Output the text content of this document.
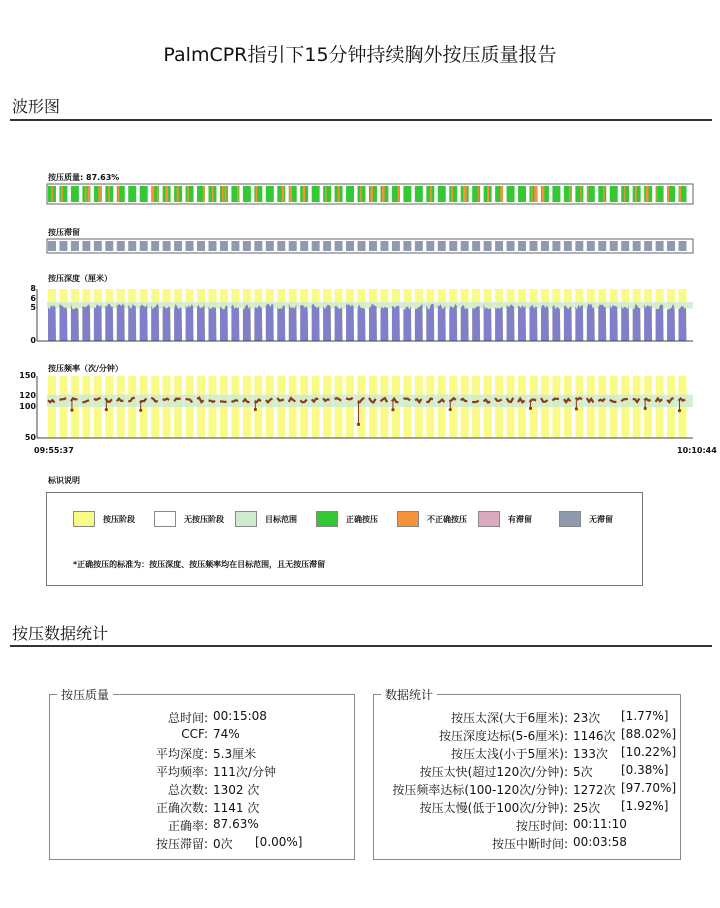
PalmCPR指引下15分钟持续胸外按压质量报告
波形图
按压质量: 87.63%
按压滞留
按压深度（厘米）
按压频率（次/分钟）
8
6
5
0
150
120
100
50
09:55:37	10:10:44
标识说明
按压阶段	无按压阶段	目标范围	正确按压	不正确按压	有滞留	无滞留
*正确按压的标准为：按压深度、按压频率均在目标范围，且无按压滞留
按压数据统计
按压质量
总时间: 00:15:08
CCF: 74%
平均深度: 5.3厘米
平均频率: 111次/分钟
总次数: 1302 次
正确次数: 1141 次
正确率: 87.63%
按压滞留: 0次 [0.00%]
数据统计
按压太深(大于6厘米): 23次 [1.77%]
按压深度达标(5-6厘米): 1146次 [88.02%]
按压太浅(小于5厘米): 133次 [10.22%]
按压太快(超过120次/分钟): 5次 [0.38%]
按压频率达标(100-120次/分钟): 1272次 [97.70%]
按压太慢(低于100次/分钟): 25次 [1.92%]
按压时间: 00:11:10
按压中断时间: 00:03:58
